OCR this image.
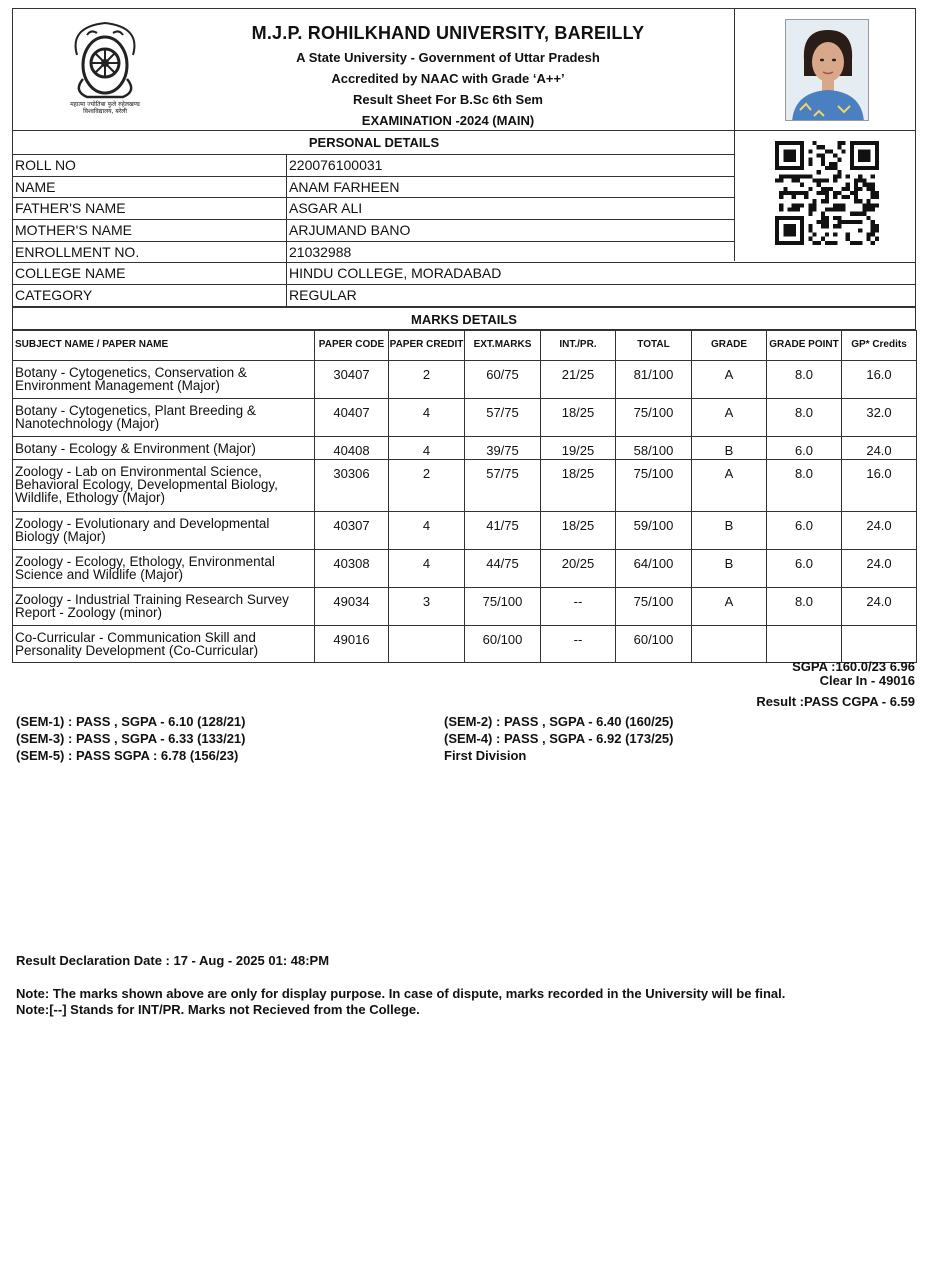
महात्मा ज्योतिबा फुले रुहेलखण्ड विश्वविद्यालय, बरेली
M.J.P. ROHILKHAND UNIVERSITY, BAREILLY
A State University - Government of Uttar Pradesh
Accredited by NAAC with Grade ‘A++’
Result Sheet For B.Sc 6th Sem
EXAMINATION -2024 (MAIN)
PERSONAL DETAILS
ROLL NO	220076100031
NAME	ANAM FARHEEN
FATHER'S NAME	ASGAR ALI
MOTHER'S NAME	ARJUMAND BANO
ENROLLMENT NO.	21032988
COLLEGE NAME	HINDU COLLEGE, MORADABAD
CATEGORY	REGULAR
MARKS DETAILS
SUBJECT NAME / PAPER NAME	PAPER CODE	PAPER CREDIT	EXT.MARKS	INT./PR.	TOTAL	GRADE	GRADE POINT	GP* Credits
Botany - Cytogenetics, Conservation & Environment Management (Major)	30407	2	60/75	21/25	81/100	A	8.0	16.0
Botany - Cytogenetics, Plant Breeding & Nanotechnology (Major)	40407	4	57/75	18/25	75/100	A	8.0	32.0
Botany - Ecology & Environment (Major)	40408	4	39/75	19/25	58/100	B	6.0	24.0
Zoology - Lab on Environmental Science, Behavioral Ecology, Developmental Biology, Wildlife, Ethology (Major)	30306	2	57/75	18/25	75/100	A	8.0	16.0
Zoology - Evolutionary and Developmental Biology (Major)	40307	4	41/75	18/25	59/100	B	6.0	24.0
Zoology - Ecology, Ethology, Environmental Science and Wildlife (Major)	40308	4	44/75	20/25	64/100	B	6.0	24.0
Zoology - Industrial Training Research Survey Report - Zoology (minor)	49034	3	75/100	--	75/100	A	8.0	24.0
Co-Curricular - Communication Skill and Personality Development (Co-Curricular)	49016		60/100	--	60/100			
SGPA :160.0/23 6.96
Clear In - 49016
Result :PASS CGPA - 6.59
(SEM-1) : PASS , SGPA - 6.10 (128/21)
(SEM-3) : PASS , SGPA - 6.33 (133/21)
(SEM-5) : PASS SGPA : 6.78 (156/23)
(SEM-2) : PASS , SGPA - 6.40 (160/25)
(SEM-4) : PASS , SGPA - 6.92 (173/25)
First Division
Result Declaration Date : 17 - Aug - 2025 01: 48:PM
Note: The marks shown above are only for display purpose. In case of dispute, marks recorded in the University will be final.
Note:[--] Stands for INT/PR. Marks not Recieved from the College.
